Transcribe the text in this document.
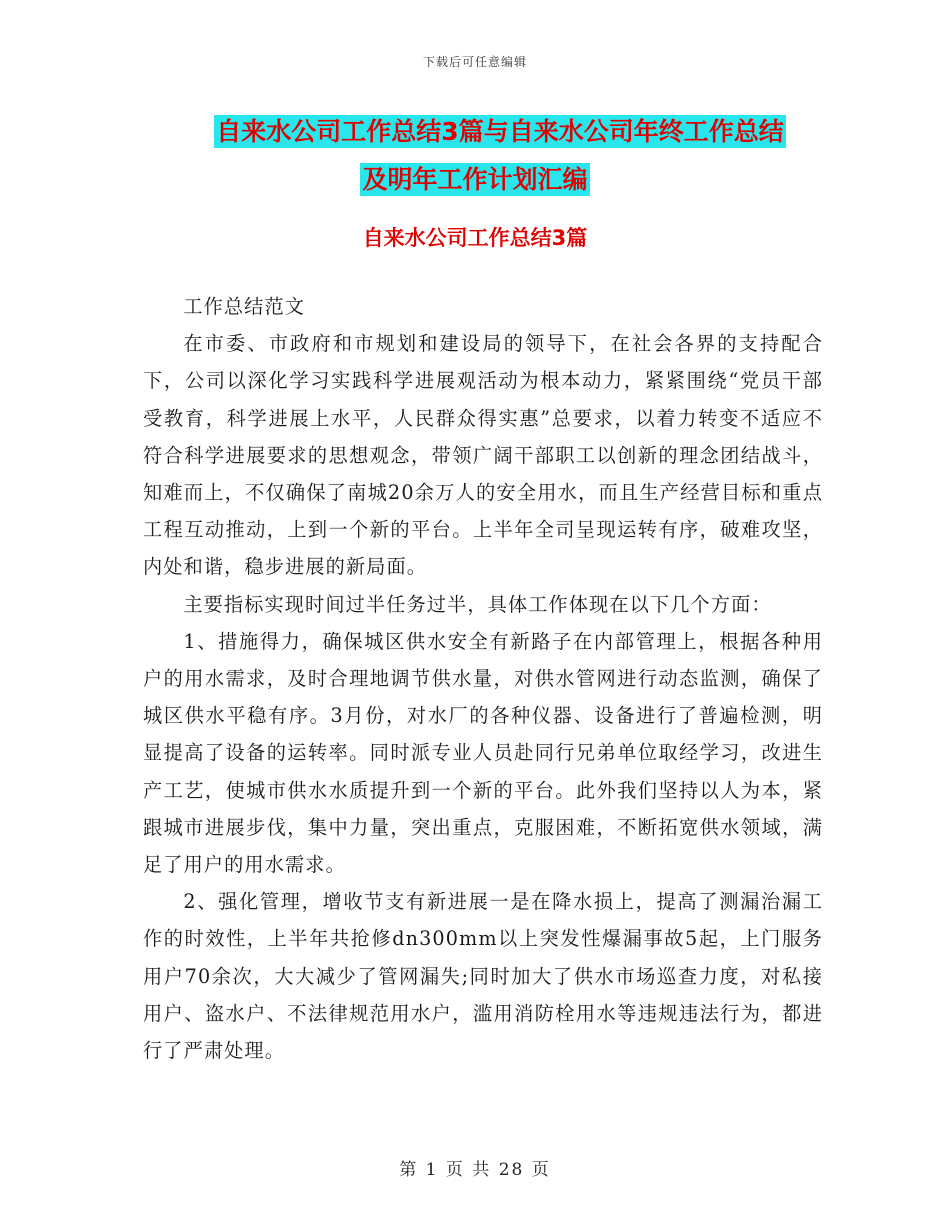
下载后可任意编辑
自来水公司工作总结3篇与自来水公司年终工作总结
及明年工作计划汇编
自来水公司工作总结3篇

工作总结范文

在市委、市政府和市规划和建设局的领导下，在社会各界的支持配合下，公司以深化学习实践科学进展观活动为根本动力，紧紧围绕“党员干部受教育，科学进展上水平，人民群众得实惠”总要求，以着力转变不适应不符合科学进展要求的思想观念，带领广阔干部职工以创新的理念团结战斗，知难而上，不仅确保了南城20余万人的安全用水，而且生产经营目标和重点工程互动推动，上到一个新的平台。上半年全司呈现运转有序，破难攻坚，内处和谐，稳步进展的新局面。

主要指标实现时间过半任务过半，具体工作体现在以下几个方面：

1、措施得力，确保城区供水安全有新路子在内部管理上，根据各种用户的用水需求，及时合理地调节供水量，对供水管网进行动态监测，确保了城区供水平稳有序。3月份，对水厂的各种仪器、设备进行了普遍检测，明显提高了设备的运转率。同时派专业人员赴同行兄弟单位取经学习，改进生产工艺，使城市供水水质提升到一个新的平台。此外我们坚持以人为本，紧跟城市进展步伐，集中力量，突出重点，克服困难，不断拓宽供水领域，满足了用户的用水需求。

2、强化管理，增收节支有新进展一是在降水损上，提高了测漏治漏工作的时效性，上半年共抢修dn300mm以上突发性爆漏事故5起，上门服务用户70余次，大大减少了管网漏失;同时加大了供水市场巡查力度，对私接用户、盗水户、不法律规范用水户，滥用消防栓用水等违规违法行为，都进行了严肃处理。

第 1 页 共 28 页
